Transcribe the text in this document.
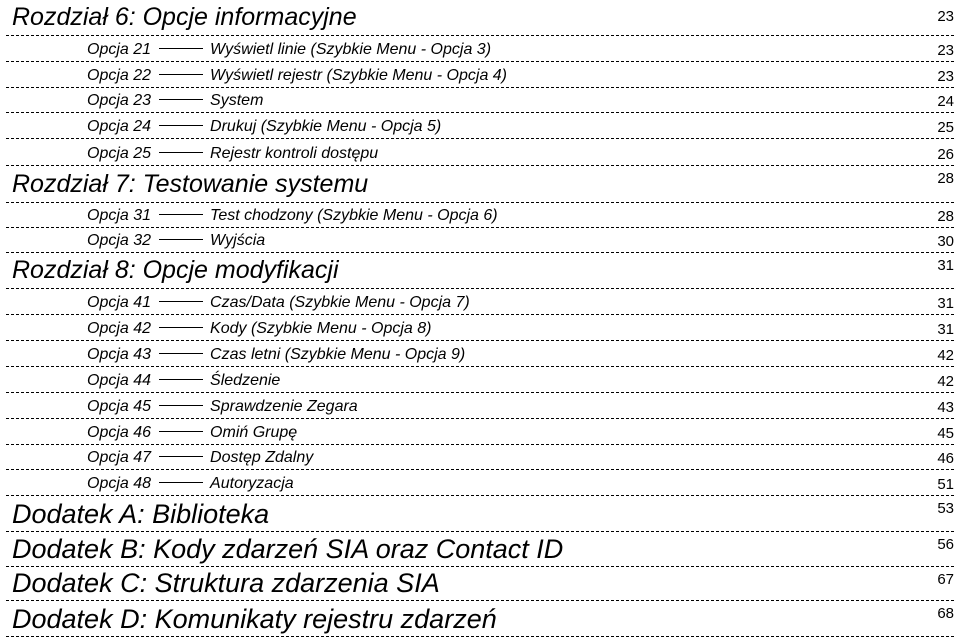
Rozdział 6: Opcje informacyjne	23
Opcja 21	Wyświetl linie (Szybkie Menu - Opcja 3)	23
Opcja 22	Wyświetl rejestr (Szybkie Menu - Opcja 4)	23
Opcja 23	System	24
Opcja 24	Drukuj (Szybkie Menu - Opcja 5)	25
Opcja 25	Rejestr kontroli dostępu	26
Rozdział 7: Testowanie systemu	28
Opcja 31	Test chodzony (Szybkie Menu - Opcja 6)	28
Opcja 32	Wyjścia	30
Rozdział 8: Opcje modyfikacji	31
Opcja 41	Czas/Data (Szybkie Menu - Opcja 7)	31
Opcja 42	Kody (Szybkie Menu - Opcja 8)	31
Opcja 43	Czas letni (Szybkie Menu - Opcja 9)	42
Opcja 44	Śledzenie	42
Opcja 45	Sprawdzenie Zegara	43
Opcja 46	Omiń Grupę	45
Opcja 47	Dostęp Zdalny	46
Opcja 48	Autoryzacja	51
Dodatek A: Biblioteka	53
Dodatek B: Kody zdarzeń SIA oraz Contact ID	56
Dodatek C: Struktura zdarzenia SIA	67
Dodatek D: Komunikaty rejestru zdarzeń	68
